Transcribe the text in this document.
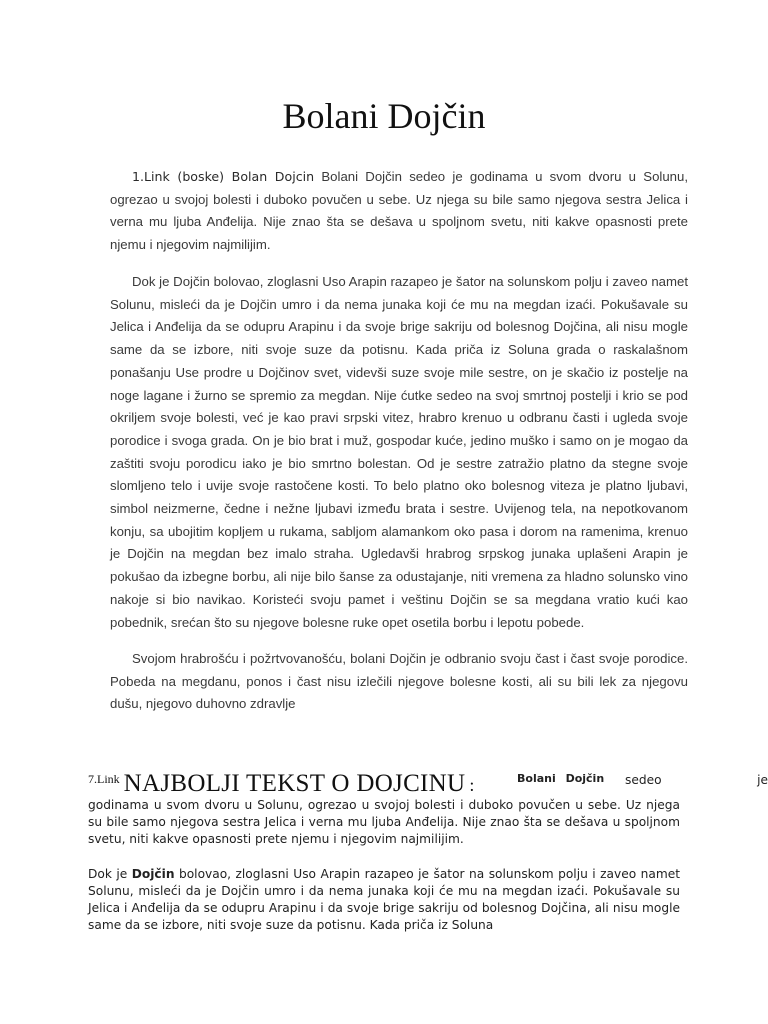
Bolani Dojčin

1.Link (boske) Bolan Dojcin Bolani Dojčin sedeo je godinama u svom dvoru u Solunu, ogrezao u svojoj bolesti i duboko povučen u sebe. Uz njega su bile samo njegova sestra Jelica i verna mu ljuba Anđelija. Nije znao šta se dešava u spoljnom svetu, niti kakve opasnosti prete njemu i njegovim najmilijim.

Dok je Dojčin bolovao, zloglasni Uso Arapin razapeo je šator na solunskom polju i zaveo namet Solunu, misleći da je Dojčin umro i da nema junaka koji će mu na megdan izaći. Pokušavale su Jelica i Anđelija da se odupru Arapinu i da svoje brige sakriju od bolesnog Dojčina, ali nisu mogle same da se izbore, niti svoje suze da potisnu. Kada priča iz Soluna grada o raskalašnom ponašanju Use prodre u Dojčinov svet, videvši suze svoje mile sestre, on je skačio iz postelje na noge lagane i žurno se spremio za megdan. Nije ćutke sedeo na svoj smrtnoj postelji i krio se pod okriljem svoje bolesti, već je kao pravi srpski vitez, hrabro krenuo u odbranu časti i ugleda svoje porodice i svoga grada. On je bio brat i muž, gospodar kuće, jedino muško i samo on je mogao da zaštiti svoju porodicu iako je bio smrtno bolestan. Od je sestre zatražio platno da stegne svoje slomljeno telo i uvije svoje rastočene kosti. To belo platno oko bolesnog viteza je platno ljubavi, simbol neizmerne, čedne i nežne ljubavi između brata i sestre. Uvijenog tela, na nepotkovanom konju, sa ubojitim kopljem u rukama, sabljom alamankom oko pasa i dorom na ramenima, krenuo je Dojčin na megdan bez imalo straha. Ugledavši hrabrog srpskog junaka uplašeni Arapin je pokušao da izbegne borbu, ali nije bilo šanse za odustajanje, niti vremena za hladno solunsko vino nakoje si bio navikao. Koristeći svoju pamet i veštinu Dojčin se sa megdana vratio kući kao pobednik, srećan što su njegove bolesne ruke opet osetila borbu i lepotu pobede.

Svojom hrabrošću i požrtvovanošću, bolani Dojčin je odbranio svoju čast i čast svoje porodice. Pobeda na megdanu, ponos i čast nisu izlečili njegove bolesne kosti, ali su bili lek za njegovu dušu, njegovo duhovno zdravlje

$^{7.Link}$ NAJBOLJI TEKST O DOJCINU :	Bolani Dojčin sedeo je

godinama u svom dvoru u Solunu, ogrezao u svojoj bolesti i duboko povučen u sebe. Uz njega su bile samo njegova sestra Jelica i verna mu ljuba Anđelija. Nije znao šta se dešava u spoljnom svetu, niti kakve opasnosti prete njemu i njegovim najmilijim.

Dok je Dojčin bolovao, zloglasni Uso Arapin razapeo je šator na solunskom polju i zaveo namet Solunu, misleći da je Dojčin umro i da nema junaka koji će mu na megdan izaći. Pokušavale su Jelica i Anđelija da se odupru Arapinu i da svoje brige sakriju od bolesnog Dojčina, ali nisu mogle same da se izbore, niti svoje suze da potisnu. Kada priča iz Soluna
